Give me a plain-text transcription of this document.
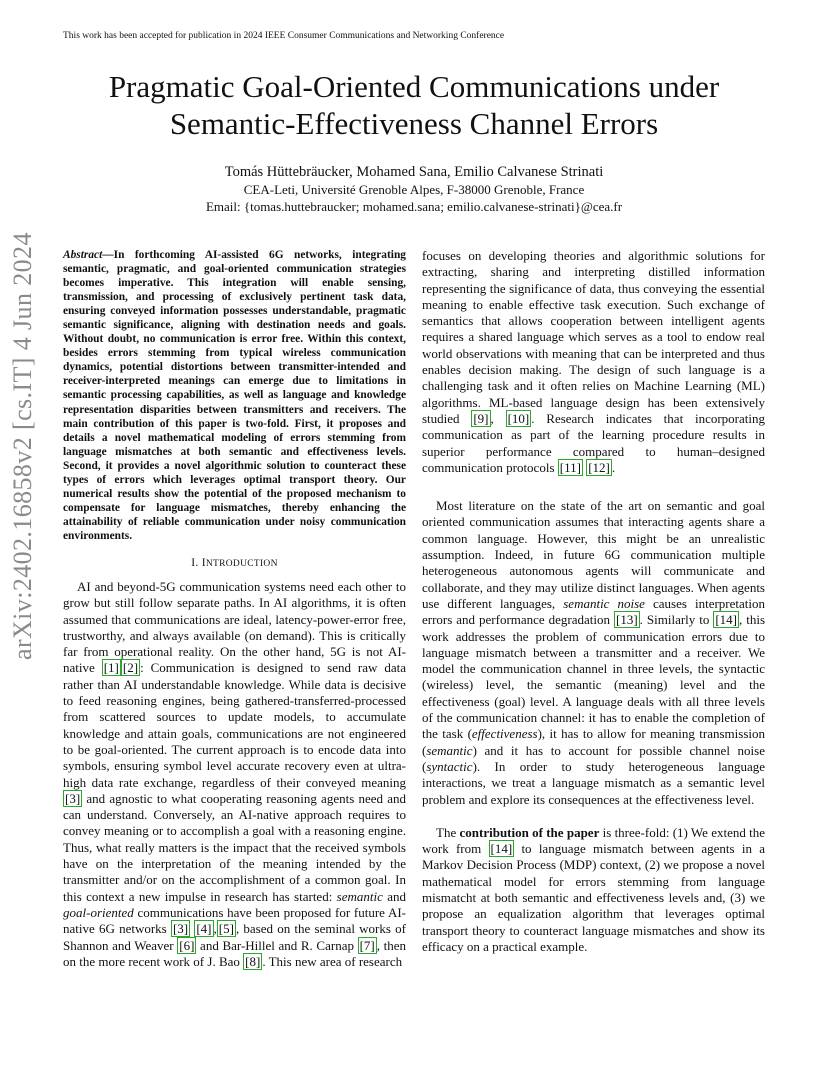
This work has been accepted for publication in 2024 IEEE Consumer Communications and Networking Conference
Pragmatic Goal-Oriented Communications under
Semantic-Effectiveness Channel Errors
Tomás Hüttebräucker, Mohamed Sana, Emilio Calvanese Strinati
CEA-Leti, Université Grenoble Alpes, F-38000 Grenoble, France
Email: {tomas.huttebraucker; mohamed.sana; emilio.calvanese-strinati}@cea.fr
arXiv:2402.16858v2 [cs.IT] 4 Jun 2024 Abstract—In forthcoming AI-assisted 6G networks, integrating semantic, pragmatic, and goal-oriented communication strategies becomes imperative. This integration will enable sensing, transmission, and processing of exclusively pertinent task data, ensuring conveyed information possesses understandable, pragmatic semantic significance, aligning with destination needs and goals. Without doubt, no communication is error free. Within this context, besides errors stemming from typical wireless communication dynamics, potential distortions between transmitter-intended and receiver-interpreted meanings can emerge due to limitations in semantic processing capabilities, as well as language and knowledge representation disparities between transmitters and receivers. The main contribution of this paper is two-fold. First, it proposes and details a novel mathematical modeling of errors stemming from language mismatches at both semantic and effectiveness levels. Second, it provides a novel algorithmic solution to counteract these types of errors which leverages optimal transport theory. Our numerical results show the potential of the proposed mechanism to compensate for language mismatches, thereby enhancing the attainability of reliable communication under noisy communication environments.

I. INTRODUCTION

AI and beyond-5G communication systems need each other to grow but still follow separate paths. In AI algorithms, it is often assumed that communications are ideal, latency-power-error free, trustworthy, and always available (on demand). This is critically far from operational reality. On the other hand, 5G is not AI-native [1] [2] : Communication is designed to send raw data rather than AI understandable knowledge. While data is decisive to feed reasoning engines, being gathered-transferred-processed from scattered sources to update models, to accumulate knowledge and attain goals, communications are not engineered to be goal-oriented. The current approach is to encode data into symbols, ensuring symbol level accurate recovery even at ultra-high data rate exchange, regardless of their conveyed meaning [3] and agnostic to what cooperating reasoning agents need and can understand. Conversely, an AI-native approach requires to convey meaning or to accomplish a goal with a reasoning engine. Thus, what really matters is the impact that the received symbols have on the interpretation of the meaning intended by the transmitter and/or on the accomplishment of a common goal. In this context a new impulse in research has started: semantic and goal-oriented communications have been proposed for future AI-native 6G networks [3] [4] , [5] , based on the seminal works of Shannon and Weaver [6] and Bar-Hillel and R. Carnap [7] , then on the more recent work of J. Bao [8] . This new area of research

focuses on developing theories and algorithmic solutions for extracting, sharing and interpreting distilled information representing the significance of data, thus conveying the essential meaning to enable effective task execution. Such exchange of semantics that allows cooperation between intelligent agents requires a shared language which serves as a tool to endow real world observations with meaning that can be interpreted and thus enables decision making. The design of such language is a challenging task and it often relies on Machine Learning (ML) algorithms. ML-based language design has been extensively studied [9] , [10] . Research indicates that incorporating communication as part of the learning procedure results in superior performance compared to human–designed communication protocols [11] [12] .

Most literature on the state of the art on semantic and goal oriented communication assumes that interacting agents share a common language. However, this might be an unrealistic assumption. Indeed, in future 6G communication multiple heterogeneous autonomous agents will communicate and collaborate, and they may utilize distinct languages. When agents use different languages, semantic noise causes interpretation errors and performance degradation [13] . Similarly to [14] , this work addresses the problem of communication errors due to language mismatch between a transmitter and a receiver. We model the communication channel in three levels, the syntactic (wireless) level, the semantic (meaning) level and the effectiveness (goal) level. A language deals with all three levels of the communication channel: it has to enable the completion of the task (effectiveness), it has to allow for meaning transmission (semantic) and it has to account for possible channel noise (syntactic). In order to study heterogeneous language interactions, we treat a language mismatch as a semantic level problem and explore its consequences at the effectiveness level.

The contribution of the paper is three-fold: (1) We extend the work from [14] to language mismatch between agents in a Markov Decision Process (MDP) context, (2) we propose a novel mathematical model for errors stemming from language mismatcht at both semantic and effectiveness levels and, (3) we propose an equalization algorithm that leverages optimal transport theory to counteract language mismatches and show its efficacy on a practical example.
